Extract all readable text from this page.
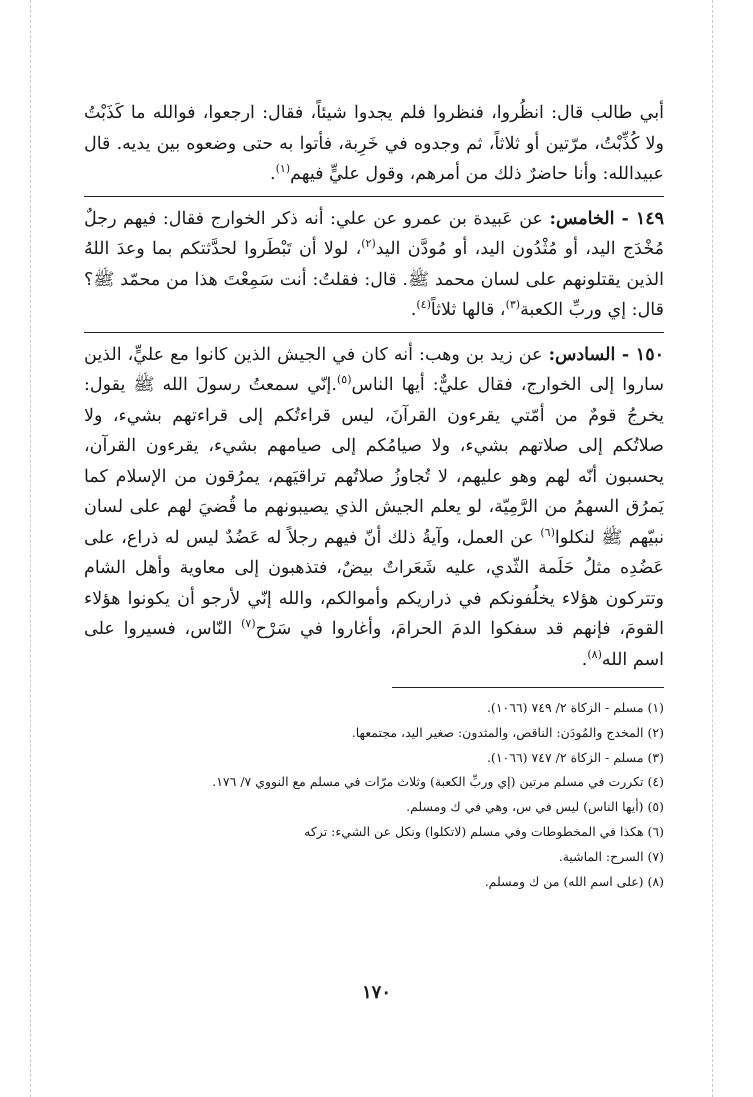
أبي طالب قال: انظُروا، فنظروا فلم يجدوا شيئاً، فقال: ارجعوا، فوالله ما كَذَبْتُ ولا كُذِّبْتُ، مرّتين أو ثلاثاً، ثم وجدوه في خَرِبة، فأتوا به حتى وضعوه بين يديه. قال عبيدالله: وأنا حاضرٌ ذلك من أمرهم، وقول عليٍّ فيهم$^{(١)}$.

١٤٩ - الخامس: عن عَبيدة بن عمرو عن علي: أنه ذكر الخوارج فقال: فيهم رجلٌ مُخْدَج اليد، أو مُثْدُون اليد، أو مُودَّن اليد$^{(٢)}$، لولا أن تَبْطَروا لحدَّثتكم بما وعدَ اللهُ الذين يقتلونهم على لسان محمد ﷺ. قال: فقلتُ: أنت سَمِعْتَ هذا من محمّد ﷺ؟ قال: إي وربِّ الكعبة$^{(٣)}$، قالها ثلاثاً$^{(٤)}$.

١٥٠ - السادس: عن زيد بن وهب: أنه كان في الجيش الذين كانوا مع عليٍّ، الذين ساروا إلى الخوارج، فقال عليٌّ: أيها الناس$^{(٥)}$.إنّي سمعتُ رسولَ الله ﷺ يقول: يخرجُ قومٌ من أمّتي يقرءون القرآنَ، ليس قراءتُكم إلى قراءتهم بشيء، ولا صلاتُكم إلى صلاتهم بشيء، ولا صيامُكم إلى صيامهم بشيء، يقرءون القرآن، يحسبون أنّه لهم وهو عليهم، لا تُجاوزُ صلاتُهم تراقيَهم، يمرُقون من الإسلام كما يَمرُق السهمُ من الرَّمِيّة، لو يعلم الجيش الذي يصيبونهم ما قُضيَ لهم على لسان نبيّهم ﷺ لنكلوا$^{(٦)}$ عن العمل، وآيةُ ذلك أنّ فيهم رجلاً له عَضُدٌ ليس له ذراع، على عَضُدِه مثلُ حَلَمة الثّدي، عليه شَعَراتٌ بيضٌ، فتذهبون إلى معاوية وأهل الشام وتتركون هؤلاء يخلُفونكم في ذراريكم وأموالكم، والله إنّي لأرجو أن يكونوا هؤلاء القومَ، فإنهم قد سفكوا الدمَ الحرامَ، وأغاروا في سَرْح$^{(٧)}$ النّاس، فسيروا على اسم الله$^{(٨)}$.

(١) مسلم - الزكاة ٢/ ٧٤٩ (١٠٦٦).
(٢) المخدج والمُودَن: الناقص، والمثدون: صغير اليد، مجتمعها.
(٣) مسلم - الزكاة ٢/ ٧٤٧ (١٠٦٦).
(٤) تكررت في مسلم مرتين (إي وربِّ الكعبة) وثلاث مرّات في مسلم مع النووي ٧/ ١٧٦.
(٥) (أيها الناس) ليس في س، وهي في ك ومسلم.
(٦) هكذا في المخطوطات وفي مسلم (لاتكلوا) ونكل عن الشيء: تركه
(٧) السرح: الماشية.
(٨) (على اسم الله) من ك ومسلم.
١٧٠
